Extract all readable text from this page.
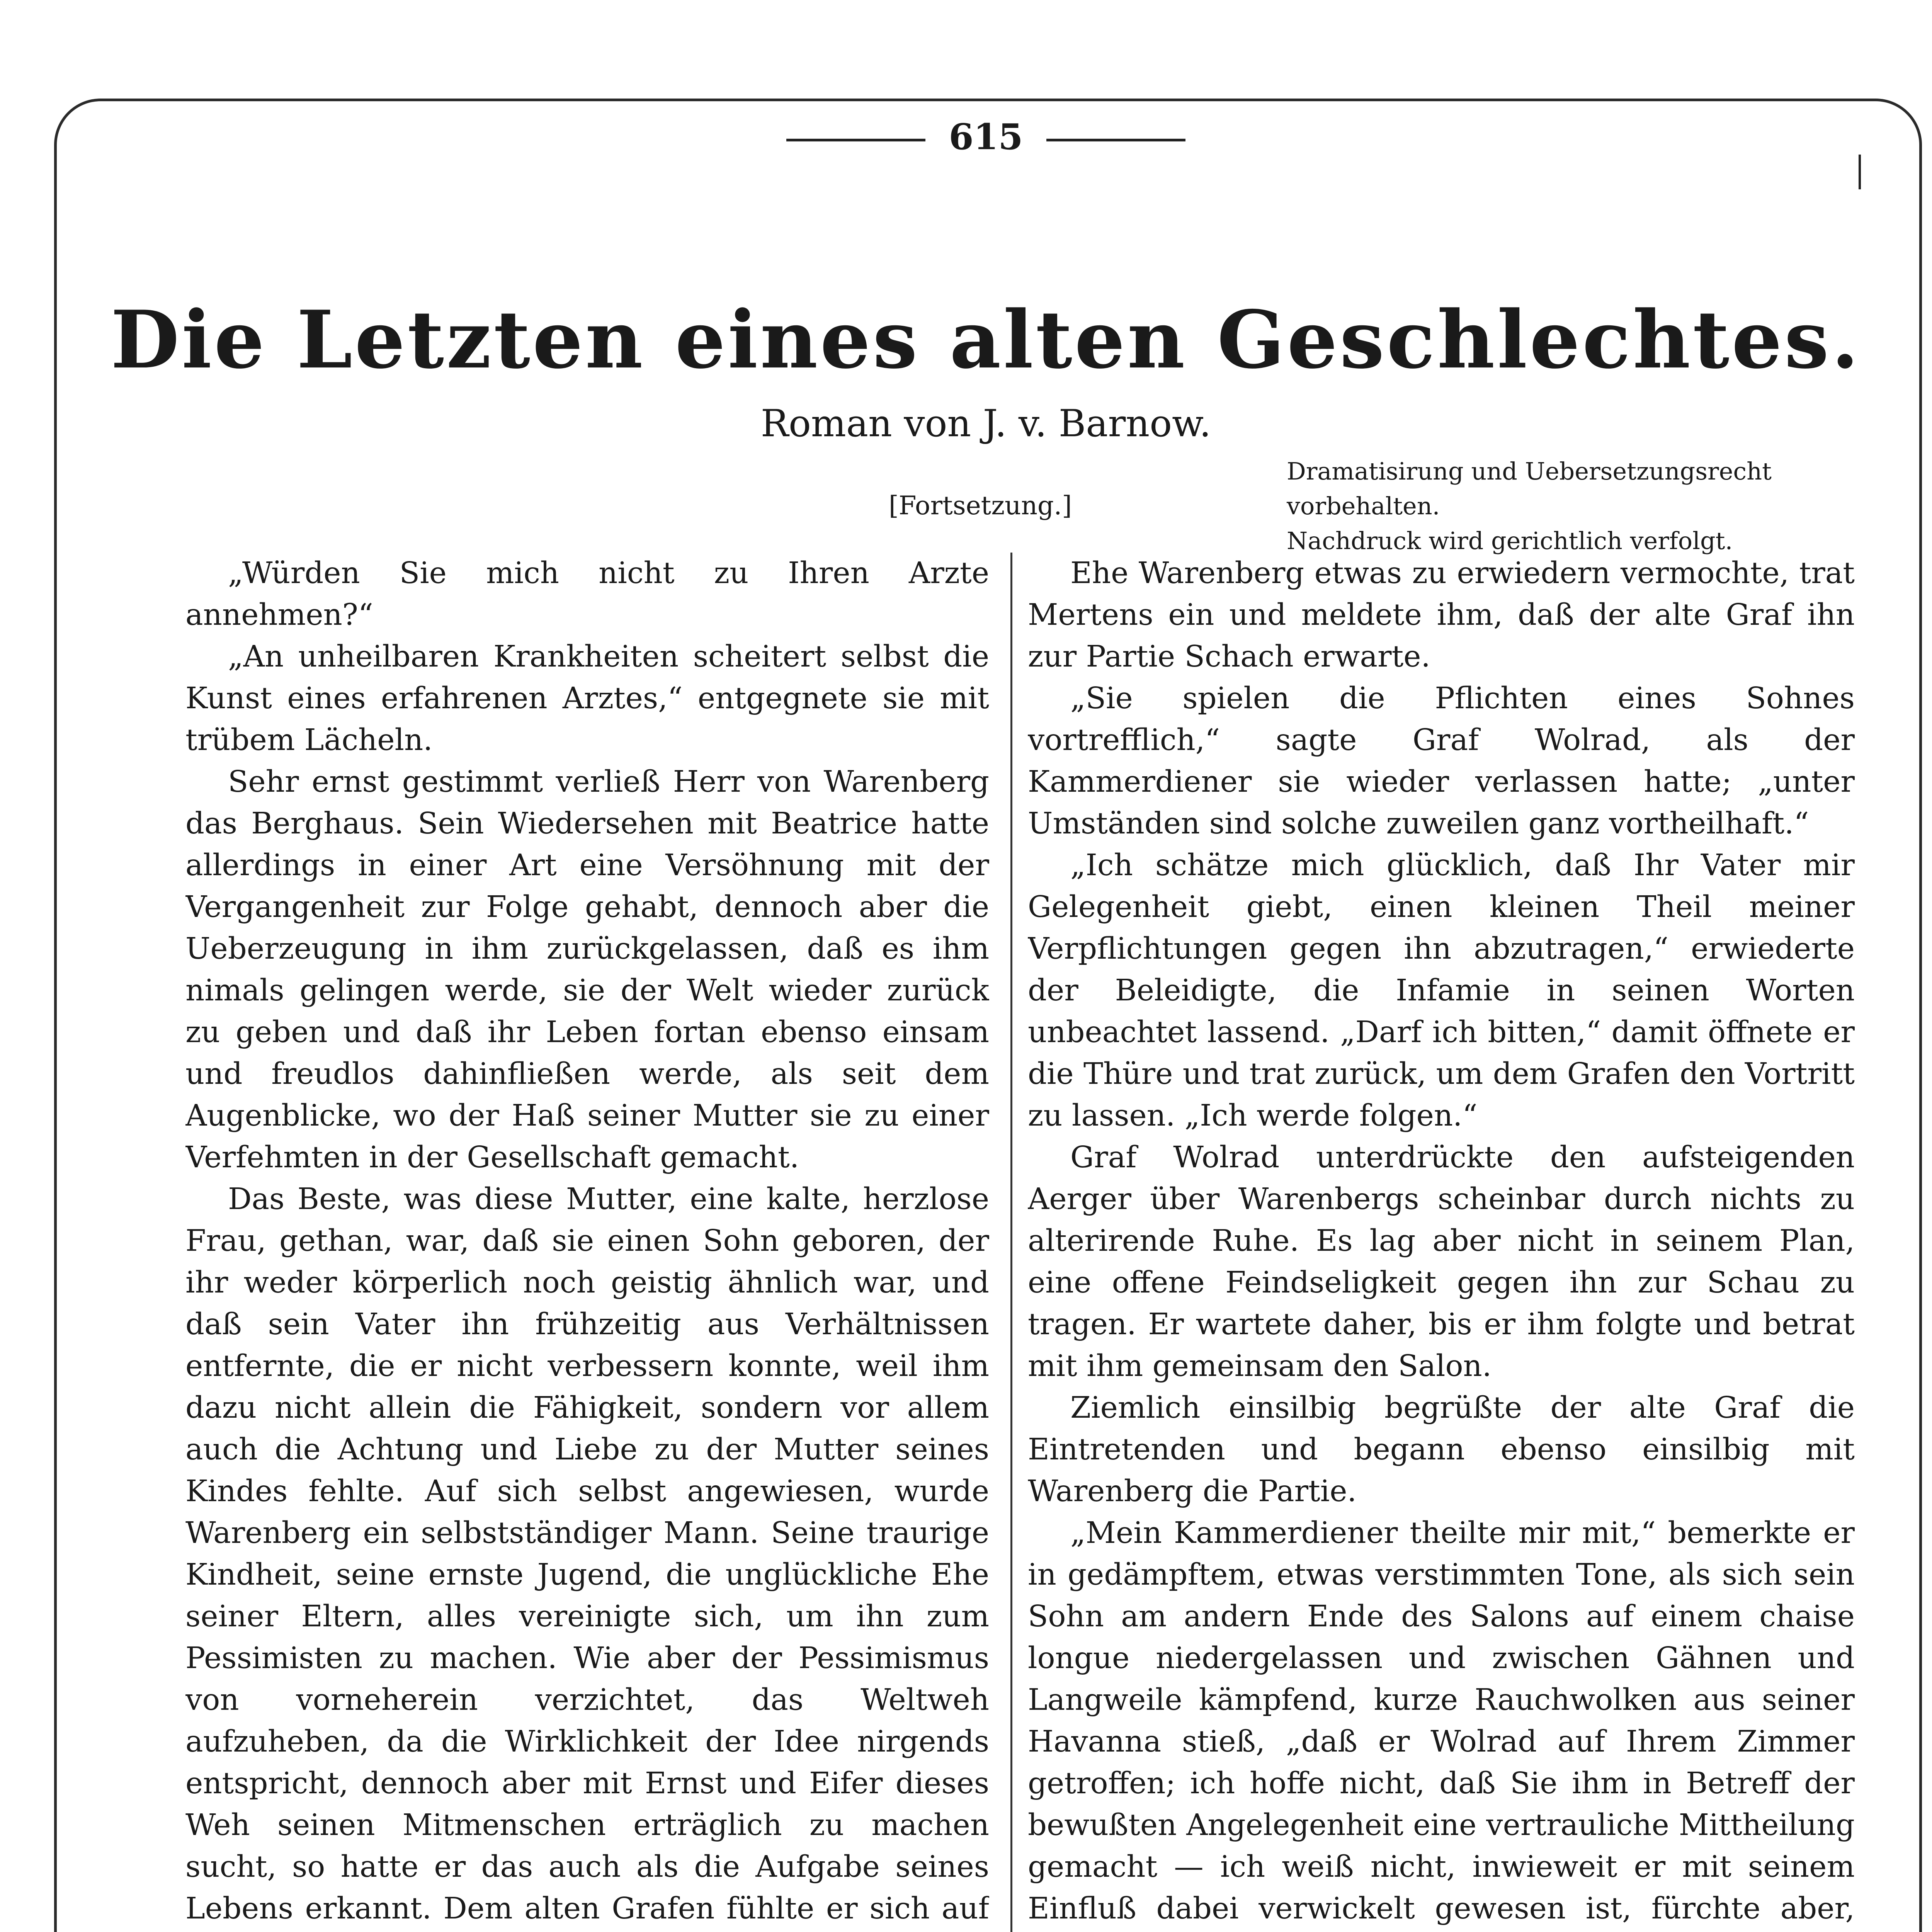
615
Die Letzten eines alten Geschlechtes.
Roman von J. v. Barnow.
Dramatisirung und Uebersetzungsrecht vorbehalten.
Nachdruck wird gerichtlich verfolgt.
[Fortsetzung.]

„Würden Sie mich nicht zu Ihren Arzte annehmen?“

„An unheilbaren Krankheiten scheitert selbst die Kunst eines erfahrenen Arztes,“ entgegnete sie mit trübem Lächeln.

Sehr ernst gestimmt verließ Herr von Warenberg das Berghaus. Sein Wiedersehen mit Beatrice hatte allerdings in einer Art eine Versöhnung mit der Vergangenheit zur Folge gehabt, dennoch aber die Ueberzeugung in ihm zurückgelassen, daß es ihm nimals gelingen werde, sie der Welt wieder zurück zu geben und daß ihr Leben fortan ebenso einsam und freudlos dahinfließen werde, als seit dem Augenblicke, wo der Haß seiner Mutter sie zu einer Verfehmten in der Gesellschaft gemacht.

Das Beste, was diese Mutter, eine kalte, herzlose Frau, gethan, war, daß sie einen Sohn geboren, der ihr weder körperlich noch geistig ähnlich war, und daß sein Vater ihn frühzeitig aus Verhältnissen entfernte, die er nicht verbessern konnte, weil ihm dazu nicht allein die Fähigkeit, sondern vor allem auch die Achtung und Liebe zu der Mutter seines Kindes fehlte. Auf sich selbst angewiesen, wurde Warenberg ein selbstständiger Mann. Seine traurige Kindheit, seine ernste Jugend, die unglückliche Ehe seiner Eltern, alles vereinigte sich, um ihn zum Pessimisten zu machen. Wie aber der Pessimismus von vorneherein verzichtet, das Weltweh aufzuheben, da die Wirklichkeit der Idee nirgends entspricht, dennoch aber mit Ernst und Eifer dieses Weh seinen Mitmenschen erträglich zu machen sucht, so hatte er das auch als die Aufgabe seines Lebens erkannt. Dem alten Grafen fühlte er sich auf

Ehe Warenberg etwas zu erwiedern vermochte, trat Mertens ein und meldete ihm, daß der alte Graf ihn zur Partie Schach erwarte.

„Sie spielen die Pflichten eines Sohnes vortrefflich,“ sagte Graf Wolrad, als der Kammerdiener sie wieder verlassen hatte; „unter Umständen sind solche zuweilen ganz vortheilhaft.“

„Ich schätze mich glücklich, daß Ihr Vater mir Gelegenheit giebt, einen kleinen Theil meiner Verpflichtungen gegen ihn abzutragen,“ erwiederte der Beleidigte, die Infamie in seinen Worten unbeachtet lassend. „Darf ich bitten,“ damit öffnete er die Thüre und trat zurück, um dem Grafen den Vortritt zu lassen. „Ich werde folgen.“

Graf Wolrad unterdrückte den aufsteigenden Aerger über Warenbergs scheinbar durch nichts zu alterirende Ruhe. Es lag aber nicht in seinem Plan, eine offene Feindseligkeit gegen ihn zur Schau zu tragen. Er wartete daher, bis er ihm folgte und betrat mit ihm gemeinsam den Salon.

Ziemlich einsilbig begrüßte der alte Graf die Eintretenden und begann ebenso einsilbig mit Warenberg die Partie.

„Mein Kammerdiener theilte mir mit,“ bemerkte er in gedämpftem, etwas verstimmten Tone, als sich sein Sohn am andern Ende des Salons auf einem chaise longue niedergelassen und zwischen Gähnen und Langweile kämpfend, kurze Rauchwolken aus seiner Havanna stieß, „daß er Wolrad auf Ihrem Zimmer getroffen; ich hoffe nicht, daß Sie ihm in Betreff der bewußten Angelegenheit eine vertrauliche Mittheilung gemacht — ich weiß nicht, inwieweit er mit seinem Einfluß dabei verwickelt gewesen ist, fürchte aber,
